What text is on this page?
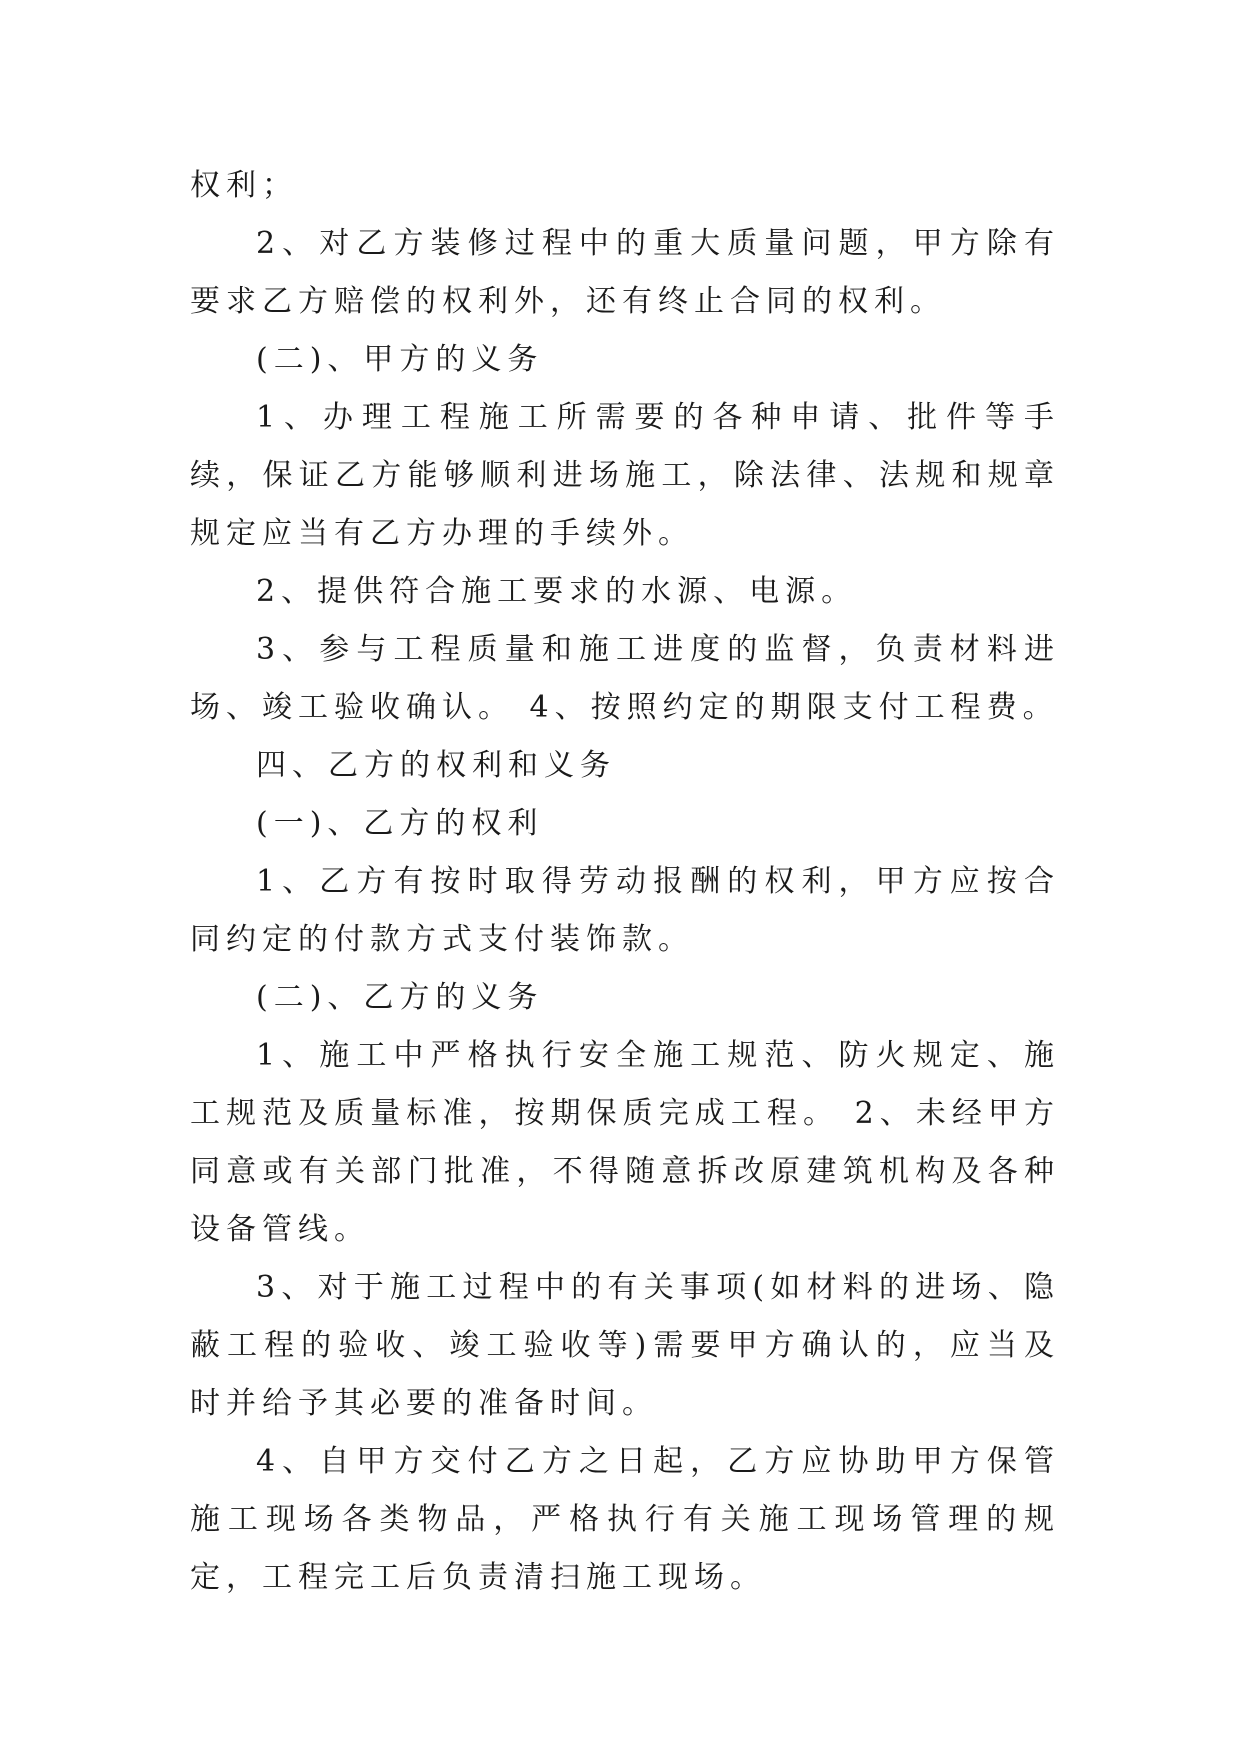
权利；

2、对乙方装修过程中的重大质量问题，甲方除有要求乙方赔偿的权利外，还有终止合同的权利。

(二)、甲方的义务

1、办理工程施工所需要的各种申请、批件等手续，保证乙方能够顺利进场施工，除法律、法规和规章规定应当有乙方办理的手续外。

2、提供符合施工要求的水源、电源。

3、参与工程质量和施工进度的监督，负责材料进场、竣工验收确认。 4、按照约定的期限支付工程费。

四、乙方的权利和义务

(一)、乙方的权利

1、乙方有按时取得劳动报酬的权利，甲方应按合同约定的付款方式支付装饰款。

(二)、乙方的义务

1、施工中严格执行安全施工规范、防火规定、施工规范及质量标准，按期保质完成工程。 2、未经甲方同意或有关部门批准，不得随意拆改原建筑机构及各种设备管线。

3、对于施工过程中的有关事项(如材料的进场、隐蔽工程的验收、竣工验收等)需要甲方确认的，应当及时并给予其必要的准备时间。

4、自甲方交付乙方之日起，乙方应协助甲方保管施工现场各类物品，严格执行有关施工现场管理的规定，工程完工后负责清扫施工现场。
